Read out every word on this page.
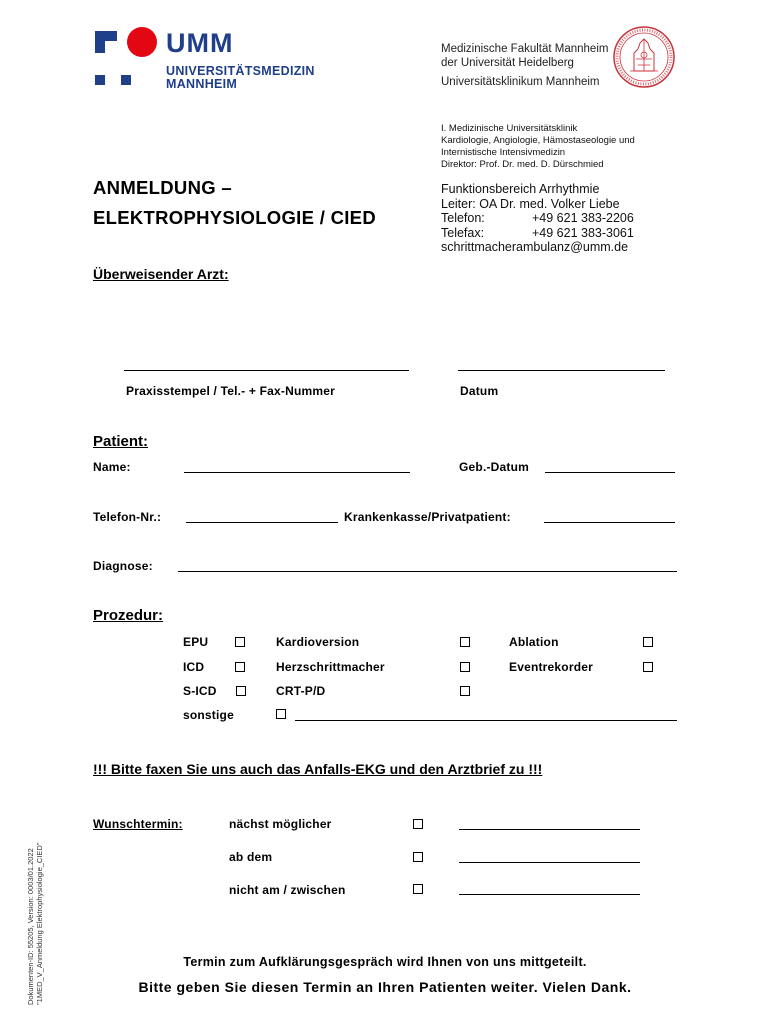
UMM
UNIVERSITÄTSMEDIZIN
MANNHEIM
Medizinische Fakultät Mannheim
der Universität Heidelberg
Universitätsklinikum Mannheim
I. Medizinische Universitätsklinik
Kardiologie, Angiologie, Hämostaseologie und
Internistische Intensivmedizin
Direktor: Prof. Dr. med. D. Dürschmied
ANMELDUNG –
ELEKTROPHYSIOLOGIE / CIED
Funktionsbereich Arrhythmie
Leiter: OA Dr. med. Volker Liebe
Telefon:	+49 621 383-2206
Telefax:	+49 621 383-3061
schrittmacherambulanz@umm.de
Überweisender Arzt:
Praxisstempel / Tel.- + Fax-Nummer	Datum
Patient:
Name:	Geb.-Datum
Telefon-Nr.:	Krankenkasse/Privatpatient:
Diagnose:
Prozedur:
EPU	Kardioversion	Ablation
ICD	Herzschrittmacher	Eventrekorder
S-ICD	CRT-P/D
sonstige
!!! Bitte faxen Sie uns auch das Anfalls-EKG und den Arztbrief zu !!!
Wunschtermin:	nächst möglicher
ab dem
nicht am / zwischen
Termin zum Aufklärungsgespräch wird Ihnen von uns mittgeteilt.
Bitte geben Sie diesen Termin an Ihren Patienten weiter. Vielen Dank.
Dokumenten-ID: 55205, Version: 0003/01.2022 "1MED_V_Anmeldung Elektrophysiologie_CIED"
